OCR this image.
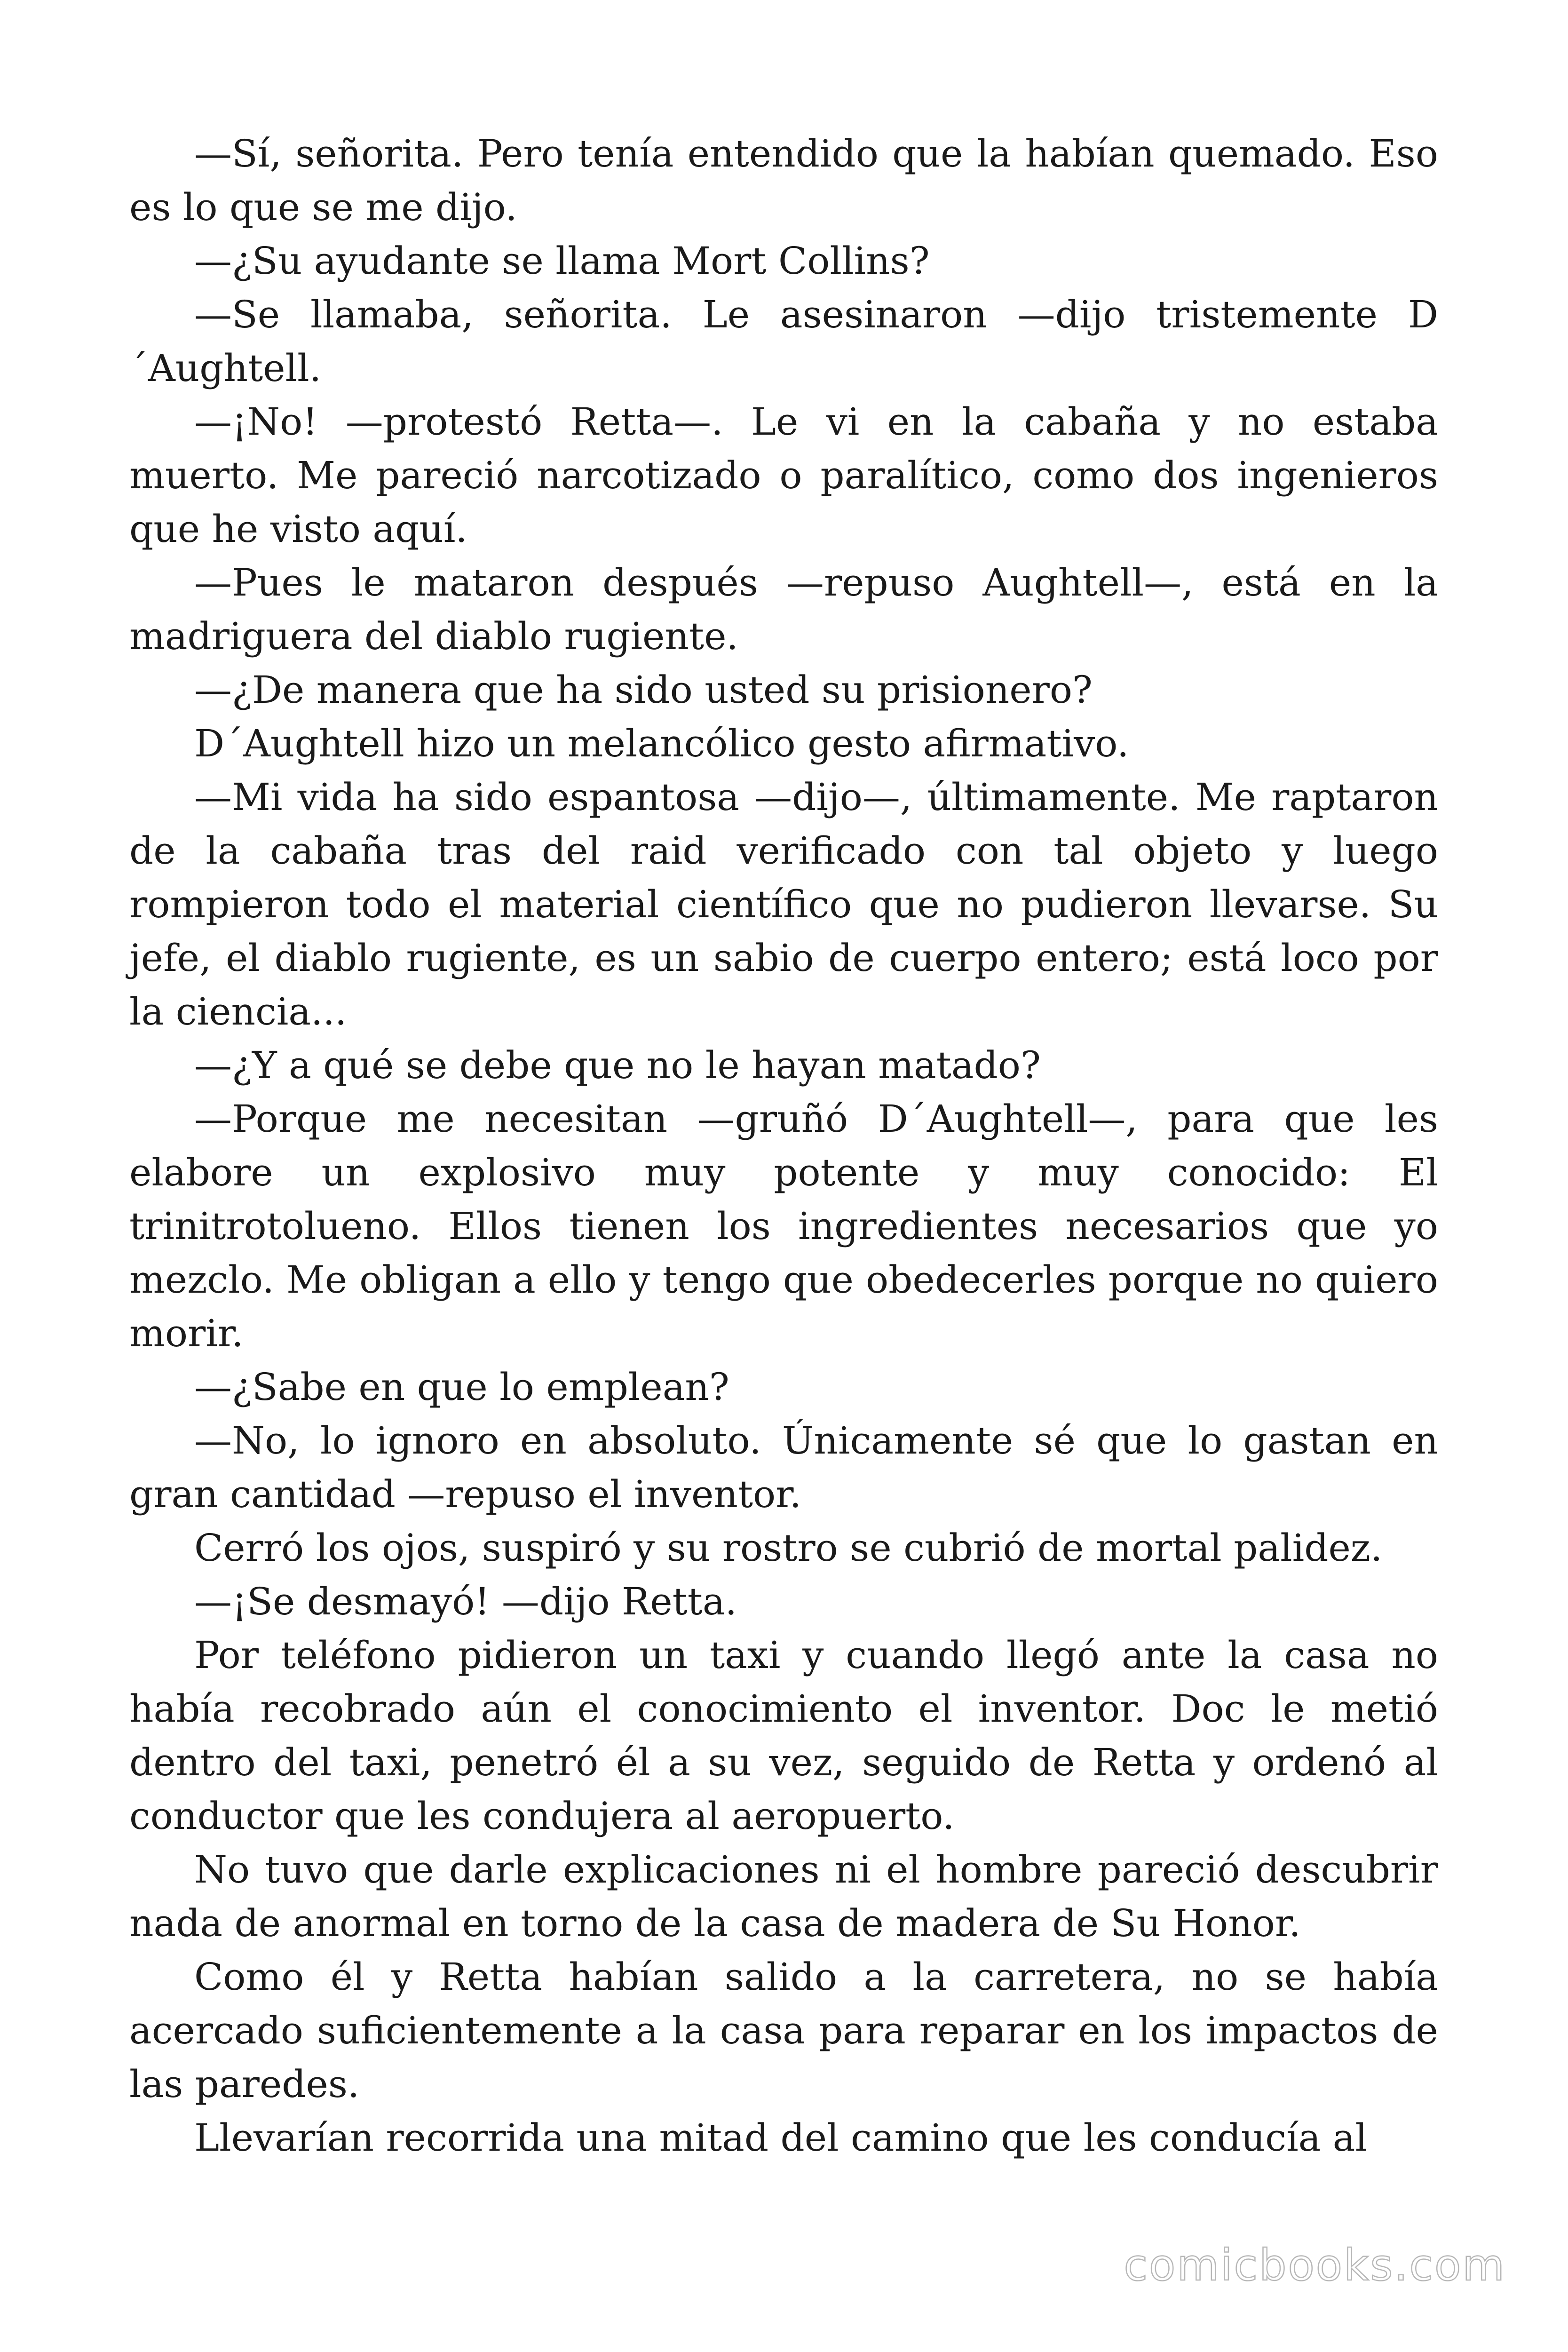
—Sí, señorita. Pero tenía entendido que la habían quemado. Eso es lo que se me dijo.

—¿Su ayudante se llama Mort Collins?

—Se llamaba, señorita. Le asesinaron —dijo tristemente D´Aughtell.

—¡No! —protestó Retta—. Le vi en la cabaña y no estaba muerto. Me pareció narcotizado o paralítico, como dos ingenieros que he visto aquí.

—Pues le mataron después —repuso Aughtell—, está en la madriguera del diablo rugiente.

—¿De manera que ha sido usted su prisionero?

D´Aughtell hizo un melancólico gesto afirmativo.

—Mi vida ha sido espantosa —dijo—, últimamente. Me raptaron de la cabaña tras del raid verificado con tal objeto y luego rompieron todo el material científico que no pudieron llevarse. Su jefe, el diablo rugiente, es un sabio de cuerpo entero; está loco por la ciencia...

—¿Y a qué se debe que no le hayan matado?

—Porque me necesitan —gruñó D´Aughtell—, para que les elabore un explosivo muy potente y muy conocido: El trinitrotolueno. Ellos tienen los ingredientes necesarios que yo mezclo. Me obligan a ello y tengo que obedecerles porque no quiero morir.

—¿Sabe en que lo emplean?

—No, lo ignoro en absoluto. Únicamente sé que lo gastan en gran cantidad —repuso el inventor.

Cerró los ojos, suspiró y su rostro se cubrió de mortal palidez.

—¡Se desmayó! —dijo Retta.

Por teléfono pidieron un taxi y cuando llegó ante la casa no había recobrado aún el conocimiento el inventor. Doc le metió dentro del taxi, penetró él a su vez, seguido de Retta y ordenó al conductor que les condujera al aeropuerto.

No tuvo que darle explicaciones ni el hombre pareció descubrir nada de anormal en torno de la casa de madera de Su Honor.

Como él y Retta habían salido a la carretera, no se había acercado suficientemente a la casa para reparar en los impactos de las paredes.

Llevarían recorrida una mitad del camino que les conducía al

comicbooks.com
